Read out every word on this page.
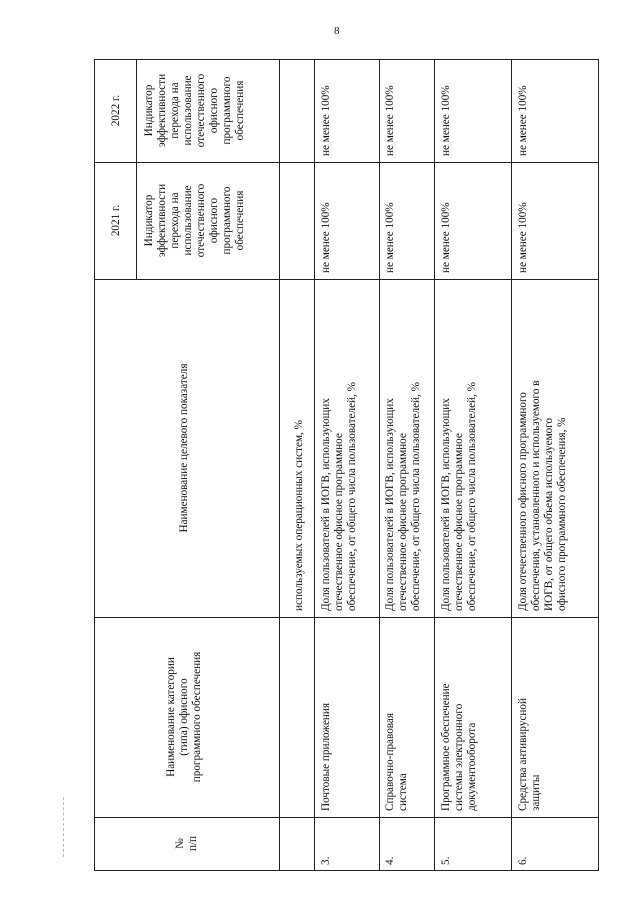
8
№ п/п
Наименование категории (типа) офисного программного обеспечения
Наименование целевого показателя
2021 г.
2022 г.
Индикатор эффективности перехода на использование отечественного офисного программного обеспечения
Индикатор эффективности перехода на использование отечественного офисного программного обеспечения
используемых операционных систем, %
3.
Почтовые приложения
Доля пользователей в ИОГВ, использующих отечественное офисное программное обеспечение, от общего числа пользователей, %
не менее 100%
не менее 100%
4.
Справочно-правовая система
Доля пользователей в ИОГВ, использующих отечественное офисное программное обеспечение, от общего числа пользователей, %
не менее 100%
не менее 100%
5.
Программное обеспечение системы электронного документооборота
Доля пользователей в ИОГВ, использующих отечественное офисное программное обеспечение, от общего числа пользователей, %
не менее 100%
не менее 100%
6.
Средства антивирусной защиты
Доля отечественного офисного программного обеспечения, установленного и используемого в ИОГВ, от общего объема используемого офисного программного обеспечения, %
не менее 100%
не менее 100%
